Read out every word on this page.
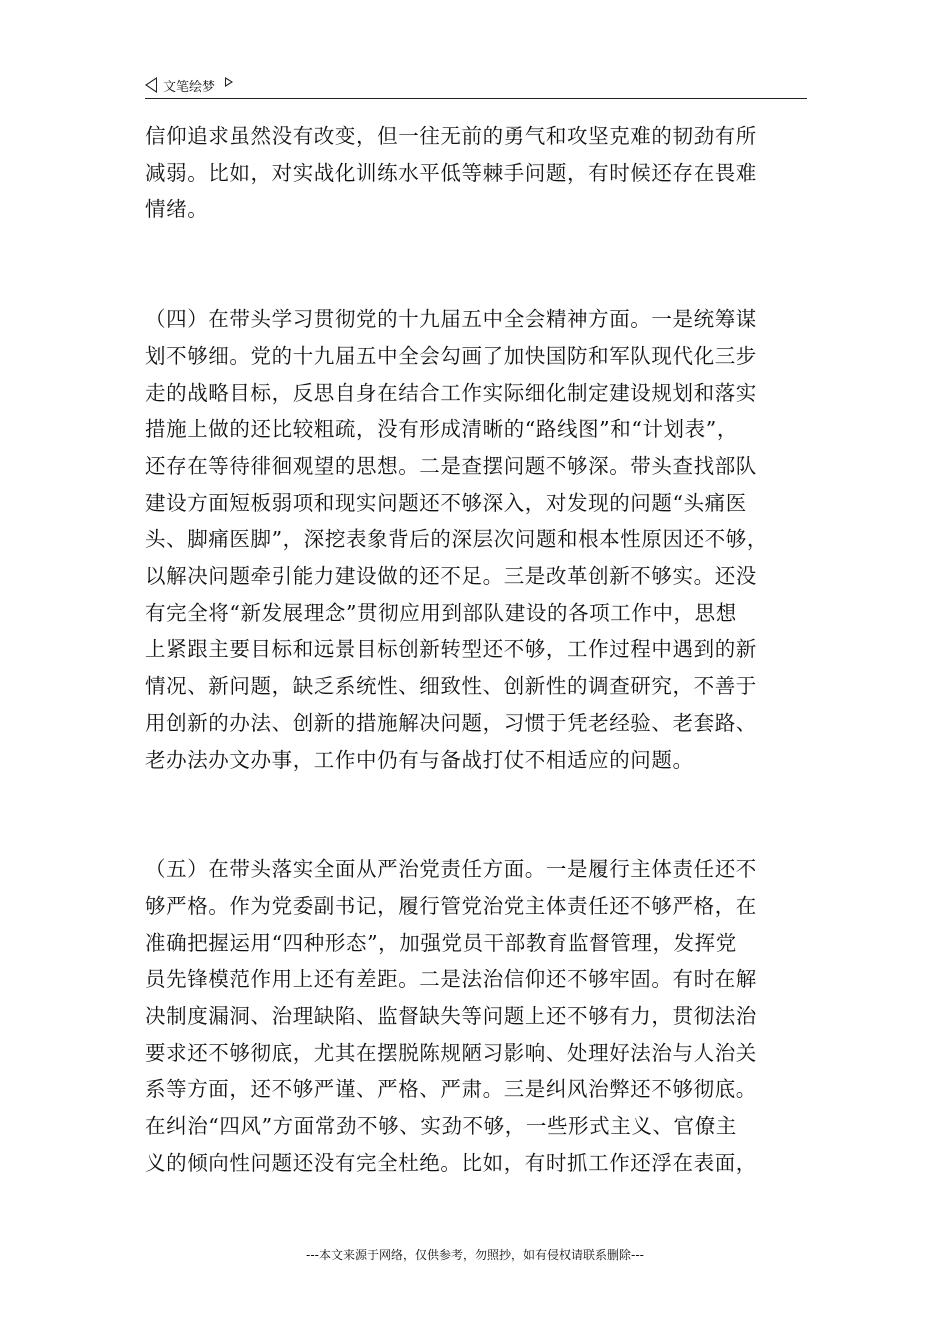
文笔绘梦

信仰追求虽然没有改变，但一往无前的勇气和攻坚克难的韧劲有所

减弱。比如，对实战化训练水平低等棘手问题，有时候还存在畏难

情绪。

（四）在带头学习贯彻党的十九届五中全会精神方面。一是统筹谋

划不够细。党的十九届五中全会勾画了加快国防和军队现代化三步

走的战略目标，反思自身在结合工作实际细化制定建设规划和落实

措施上做的还比较粗疏，没有形成清晰的“路线图”和“计划表”，

还存在等待徘徊观望的思想。二是查摆问题不够深。带头查找部队

建设方面短板弱项和现实问题还不够深入，对发现的问题“头痛医

头、脚痛医脚”，深挖表象背后的深层次问题和根本性原因还不够，

以解决问题牵引能力建设做的还不足。三是改革创新不够实。还没

有完全将“新发展理念”贯彻应用到部队建设的各项工作中，思想

上紧跟主要目标和远景目标创新转型还不够，工作过程中遇到的新

情况、新问题，缺乏系统性、细致性、创新性的调查研究，不善于

用创新的办法、创新的措施解决问题，习惯于凭老经验、老套路、

老办法办文办事，工作中仍有与备战打仗不相适应的问题。

（五）在带头落实全面从严治党责任方面。一是履行主体责任还不

够严格。作为党委副书记，履行管党治党主体责任还不够严格，在

准确把握运用“四种形态”，加强党员干部教育监督管理，发挥党

员先锋模范作用上还有差距。二是法治信仰还不够牢固。有时在解

决制度漏洞、治理缺陷、监督缺失等问题上还不够有力，贯彻法治

要求还不够彻底，尤其在摆脱陈规陋习影响、处理好法治与人治关

系等方面，还不够严谨、严格、严肃。三是纠风治弊还不够彻底。

在纠治“四风”方面常劲不够、实劲不够，一些形式主义、官僚主

义的倾向性问题还没有完全杜绝。比如，有时抓工作还浮在表面，

---本文来源于网络，仅供参考，勿照抄，如有侵权请联系删除---
